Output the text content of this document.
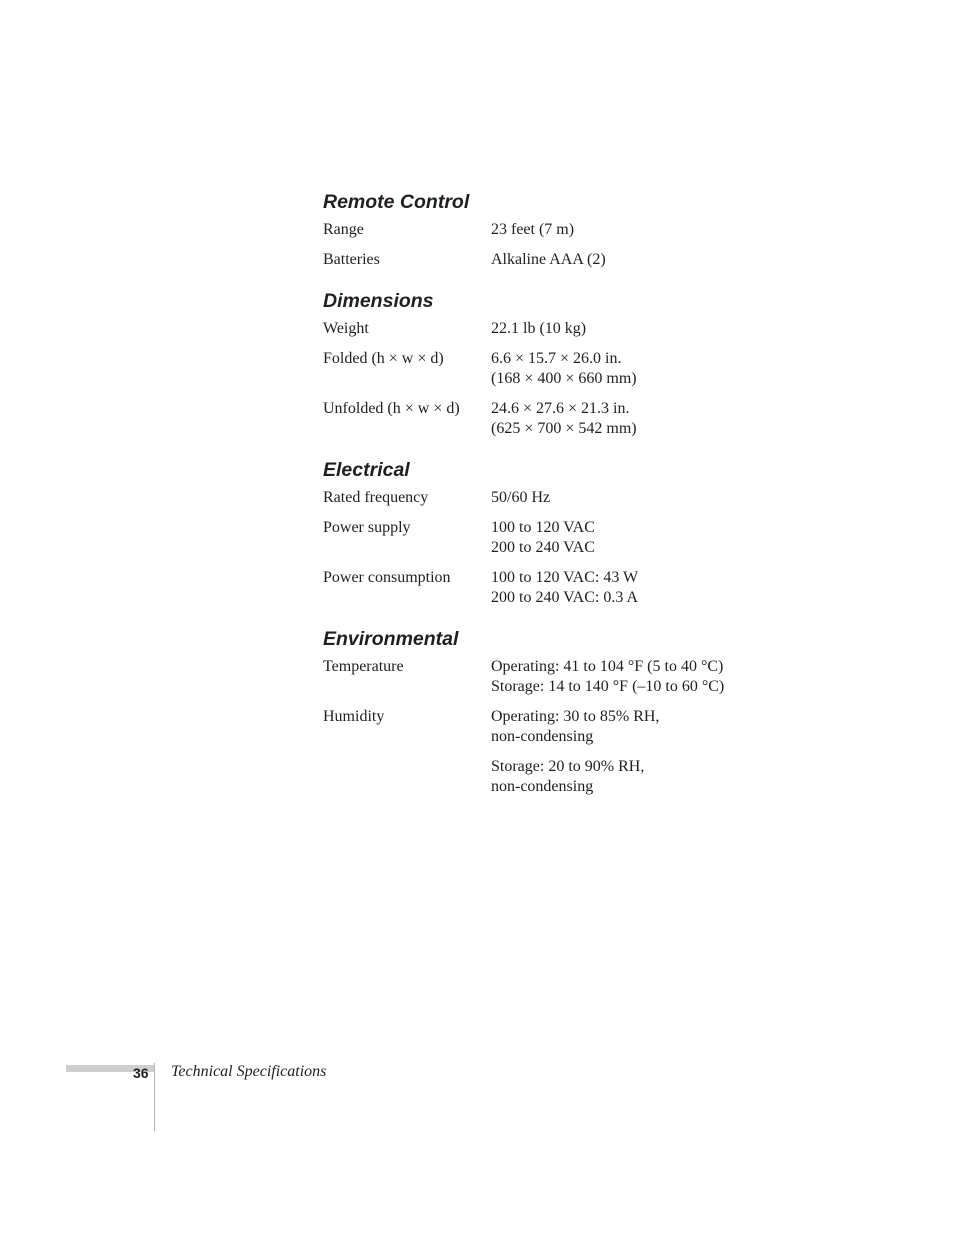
Remote Control
Range	23 feet (7 m)
Batteries	Alkaline AAA (2)
Dimensions
Weight	22.1 lb (10 kg)
Folded (h × w × d)	6.6 × 15.7 × 26.0 in.
(168 × 400 × 660 mm)
Unfolded (h × w × d)	24.6 × 27.6 × 21.3 in.
(625 × 700 × 542 mm)
Electrical
Rated frequency	50/60 Hz
Power supply	100 to 120 VAC
200 to 240 VAC
Power consumption	100 to 120 VAC: 43 W
200 to 240 VAC: 0.3 A
Environmental
Temperature	Operating: 41 to 104 °F (5 to 40 °C)
Storage: 14 to 140 °F (–10 to 60 °C)
Humidity	Operating: 30 to 85% RH,
non-condensing
Storage: 20 to 90% RH,
non-condensing
36 Technical Specifications
